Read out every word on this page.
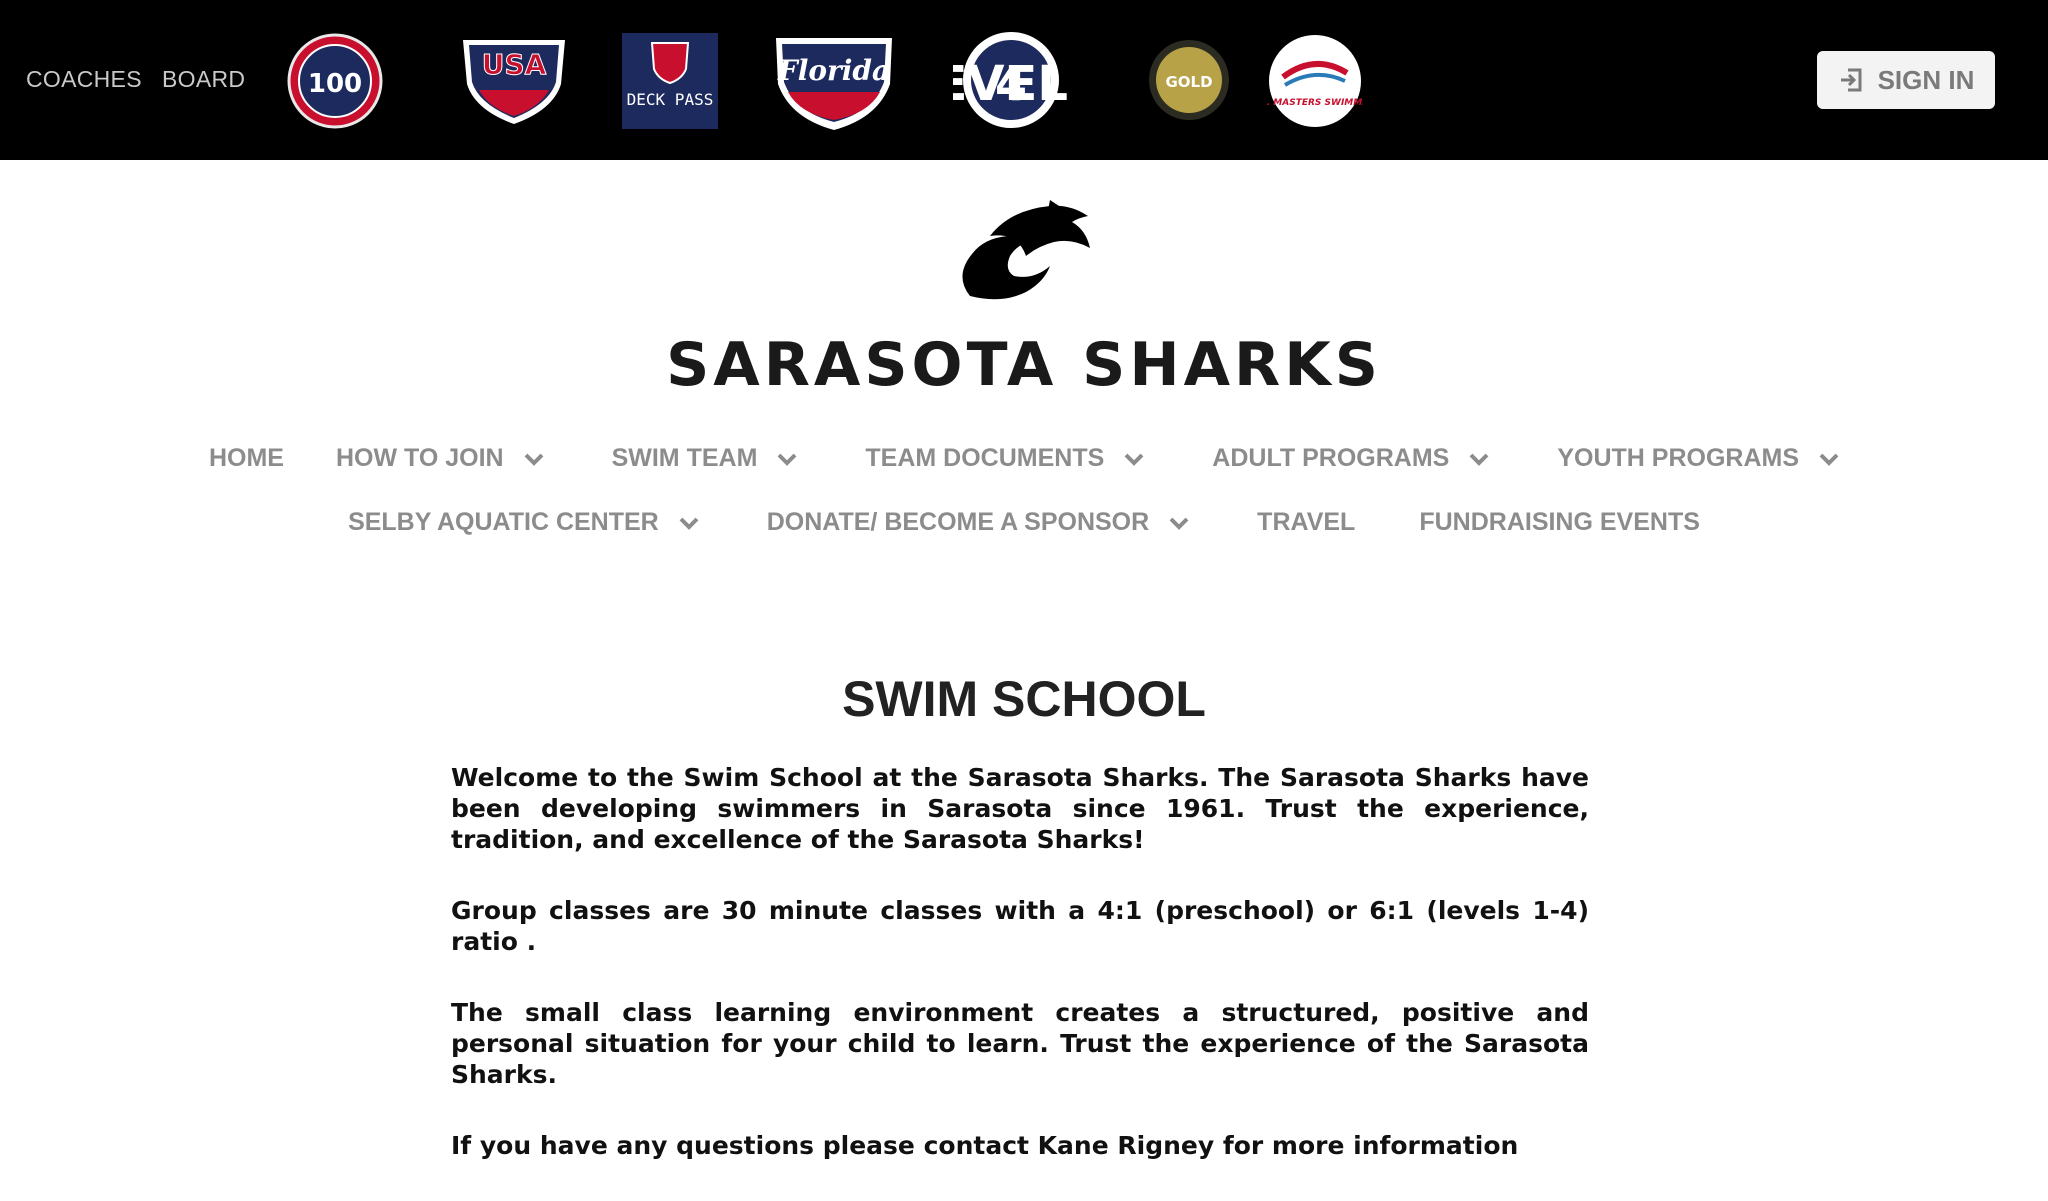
COACHES BOARD 100
USA
DECK PASS
Florida	VEL
4	GOLD
. MASTERS SWIMM
SIGN IN
SARASOTA SHARKS
HOME HOW TO JOIN	SWIM TEAM	TEAM DOCUMENTS	ADULT PROGRAMS	YOUTH PROGRAMS
SELBY AQUATIC CENTER	DONATE/ BECOME A SPONSOR	TRAVEL	FUNDRAISING EVENTS
SWIM SCHOOL

Welcome to the Swim School at the Sarasota Sharks. The Sarasota Sharks have been developing swimmers in Sarasota since 1961. Trust the experience, tradition, and excellence of the Sarasota Sharks!

Group classes are 30 minute classes with a 4:1 (preschool) or 6:1 (levels 1-4) ratio .

The small class learning environment creates a structured, positive and personal situation for your child to learn. Trust the experience of the Sarasota Sharks.

If you have any questions please contact Kane Rigney for more information
